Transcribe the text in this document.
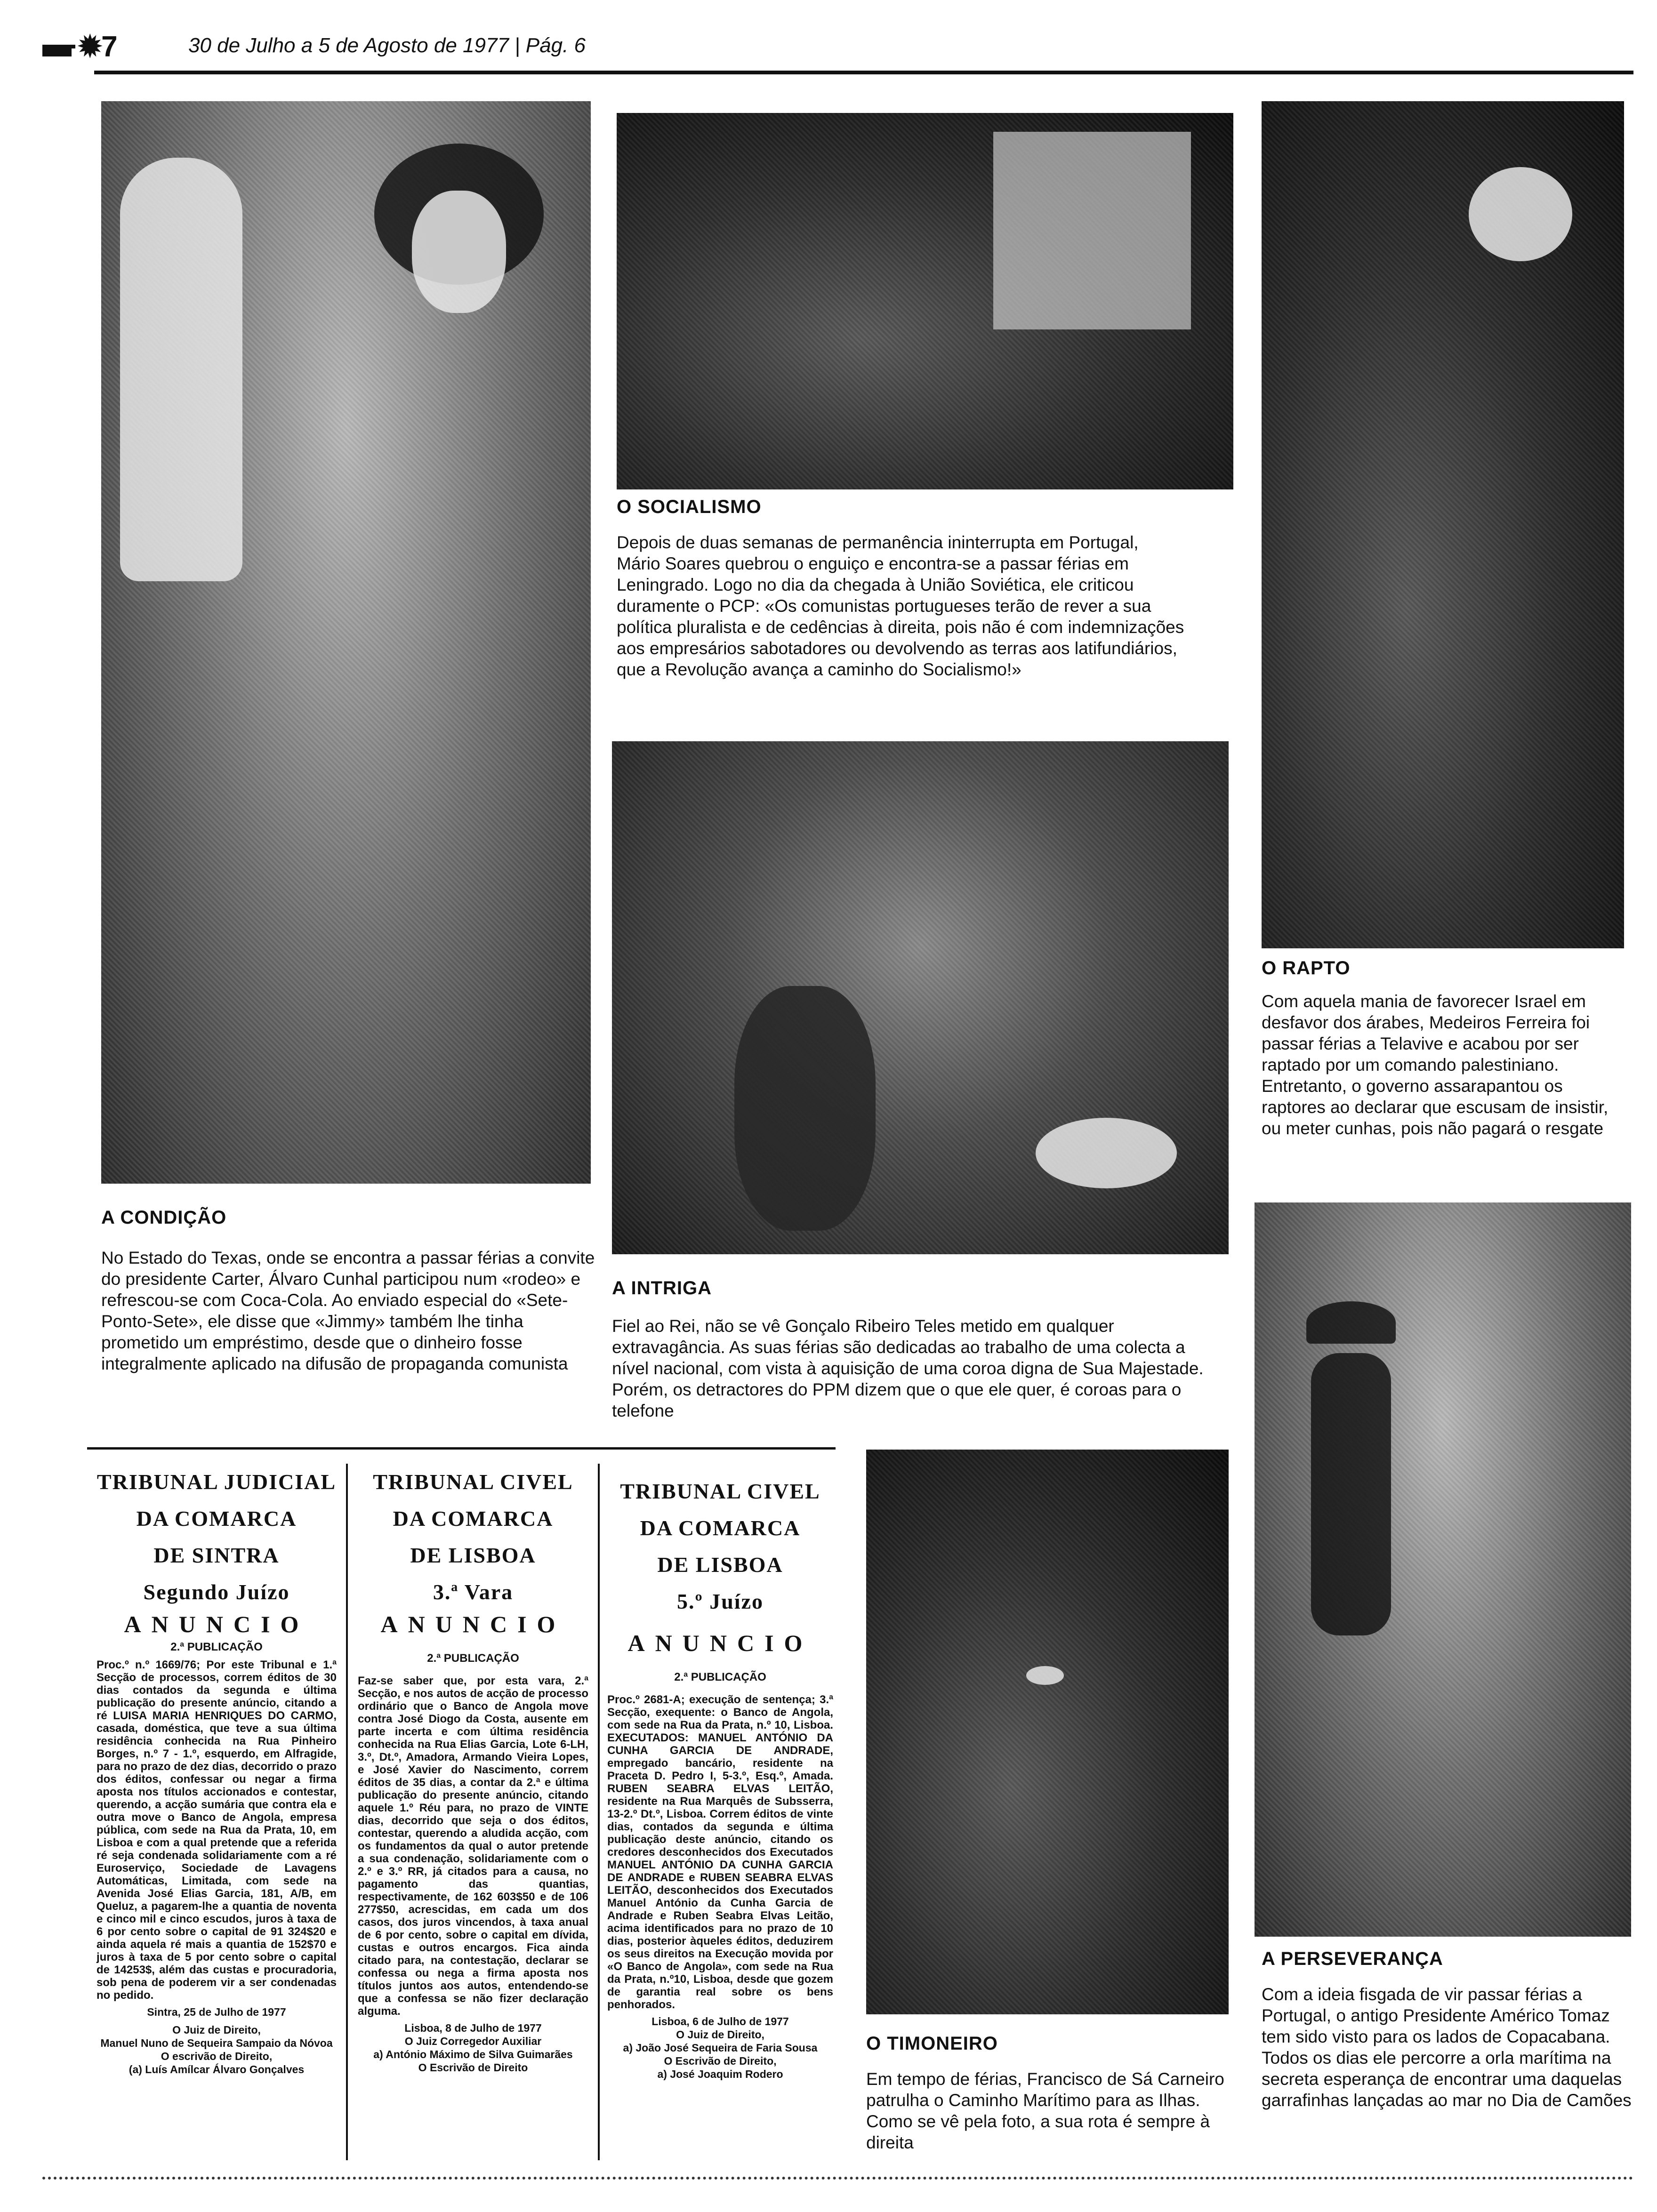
▬ ✹7	30 de Julho a 5 de Agosto de 1977 | Pág. 6
O SOCIALISMO
Depois de duas semanas de permanência ininterrupta em Portugal, Mário Soares quebrou o enguiço e encontra-se a passar férias em Leningrado. Logo no dia da chegada à União Soviética, ele criticou duramente o PCP: «Os comunistas portugueses terão de rever a sua política pluralista e de cedências à direita, pois não é com indemnizações aos empresários sabotadores ou devolvendo as terras aos latifundiários, que a Revolução avança a caminho do Socialismo!»
O RAPTO
Com aquela mania de favorecer Israel em desfavor dos árabes, Medeiros Ferreira foi passar férias a Telavive e acabou por ser raptado por um comando palestiniano. Entretanto, o governo assarapantou os raptores ao declarar que escusam de insistir, ou meter cunhas, pois não pagará o resgate
A CONDIÇÃO
No Estado do Texas, onde se encontra a passar férias a convite do presidente Carter, Álvaro Cunhal participou num «rodeo» e refrescou-se com Coca-Cola. Ao enviado especial do «Sete-Ponto-Sete», ele disse que «Jimmy» também lhe tinha prometido um empréstimo, desde que o dinheiro fosse integralmente aplicado na difusão de propaganda comunista
A INTRIGA
Fiel ao Rei, não se vê Gonçalo Ribeiro Teles metido em qualquer extravagância. As suas férias são dedicadas ao trabalho de uma colecta a nível nacional, com vista à aquisição de uma coroa digna de Sua Majestade. Porém, os detractores do PPM dizem que o que ele quer, é coroas para o telefone
A PERSEVERANÇA
Com a ideia fisgada de vir passar férias a Portugal, o antigo Presidente Américo Tomaz tem sido visto para os lados de Copacabana. Todos os dias ele percorre a orla marítima na secreta esperança de encontrar uma daquelas garrafinhas lançadas ao mar no Dia de Camões
O TIMONEIRO
Em tempo de férias, Francisco de Sá Carneiro patrulha o Caminho Marítimo para as Ilhas. Como se vê pela foto, a sua rota é sempre à direita
TRIBUNAL JUDICIAL
DA COMARCA
DE SINTRA
Segundo Juízo
ANUNCIO
2.ª PUBLICAÇÃO
Proc.º n.º 1669/76; Por este Tribunal e 1.ª Secção de processos, correm éditos de 30 dias contados da segunda e última publicação do presente anúncio, citando a ré LUISA MARIA HENRIQUES DO CARMO, casada, doméstica, que teve a sua última residência conhecida na Rua Pinheiro Borges, n.º 7 - 1.º, esquerdo, em Alfragide, para no prazo de dez dias, decorrido o prazo dos éditos, confessar ou negar a firma aposta nos títulos accionados e contestar, querendo, a acção sumária que contra ela e outra move o Banco de Angola, empresa pública, com sede na Rua da Prata, 10, em Lisboa e com a qual pretende que a referida ré seja condenada solidariamente com a ré Euroserviço, Sociedade de Lavagens Automáticas, Limitada, com sede na Avenida José Elias Garcia, 181, A/B, em Queluz, a pagarem-lhe a quantia de noventa e cinco mil e cinco escudos, juros à taxa de 6 por cento sobre o capital de 91 324$20 e ainda aquela ré mais a quantia de 152$70 e juros à taxa de 5 por cento sobre o capital de 14253$, além das custas e procuradoria, sob pena de poderem vir a ser condenadas no pedido.
Sintra, 25 de Julho de 1977
O Juiz de Direito,
Manuel Nuno de Sequeira Sampaio da Nóvoa
O escrivão de Direito,
(a) Luís Amílcar Álvaro Gonçalves
TRIBUNAL CIVEL
DA COMARCA
DE LISBOA
3.ª Vara
ANUNCIO
2.ª PUBLICAÇÃO
Faz-se saber que, por esta vara, 2.ª Secção, e nos autos de acção de processo ordinário que o Banco de Angola move contra José Diogo da Costa, ausente em parte incerta e com última residência conhecida na Rua Elias Garcia, Lote 6-LH, 3.º, Dt.º, Amadora, Armando Vieira Lopes, e José Xavier do Nascimento, correm éditos de 35 dias, a contar da 2.ª e última publicação do presente anúncio, citando aquele 1.º Réu para, no prazo de VINTE dias, decorrido que seja o dos éditos, contestar, querendo a aludida acção, com os fundamentos da qual o autor pretende a sua condenação, solidariamente com o 2.º e 3.º RR, já citados para a causa, no pagamento das quantias, respectivamente, de 162 603$50 e de 106 277$50, acrescidas, em cada um dos casos, dos juros vincendos, à taxa anual de 6 por cento, sobre o capital em dívida, custas e outros encargos. Fica ainda citado para, na contestação, declarar se confessa ou nega a firma aposta nos títulos juntos aos autos, entendendo-se que a confessa se não fizer declaração alguma.
Lisboa, 8 de Julho de 1977
O Juiz Corregedor Auxiliar
a) António Máximo de Silva Guimarães
O Escrivão de Direito
TRIBUNAL CIVEL
DA COMARCA
DE LISBOA
5.º Juízo
ANUNCIO
2.ª PUBLICAÇÃO
Proc.º 2681-A; execução de sentença; 3.ª Secção, exequente: o Banco de Angola, com sede na Rua da Prata, n.º 10, Lisboa. EXECUTADOS: MANUEL ANTÓNIO DA CUNHA GARCIA DE ANDRADE, empregado bancário, residente na Praceta D. Pedro I, 5-3.º, Esq.º, Amada. RUBEN SEABRA ELVAS LEITÃO, residente na Rua Marquês de Subsserra, 13-2.º Dt.º, Lisboa. Correm éditos de vinte dias, contados da segunda e última publicação deste anúncio, citando os credores desconhecidos dos Executados MANUEL ANTÓNIO DA CUNHA GARCIA DE ANDRADE e RUBEN SEABRA ELVAS LEITÃO, desconhecidos dos Executados Manuel António da Cunha Garcia de Andrade e Ruben Seabra Elvas Leitão, acima identificados para no prazo de 10 dias, posterior àqueles éditos, deduzirem os seus direitos na Execução movida por «O Banco de Angola», com sede na Rua da Prata, n.º10, Lisboa, desde que gozem de garantia real sobre os bens penhorados.
Lisboa, 6 de Julho de 1977
O Juiz de Direito,
a) João José Sequeira de Faria Sousa
O Escrivão de Direito,
a) José Joaquim Rodero
